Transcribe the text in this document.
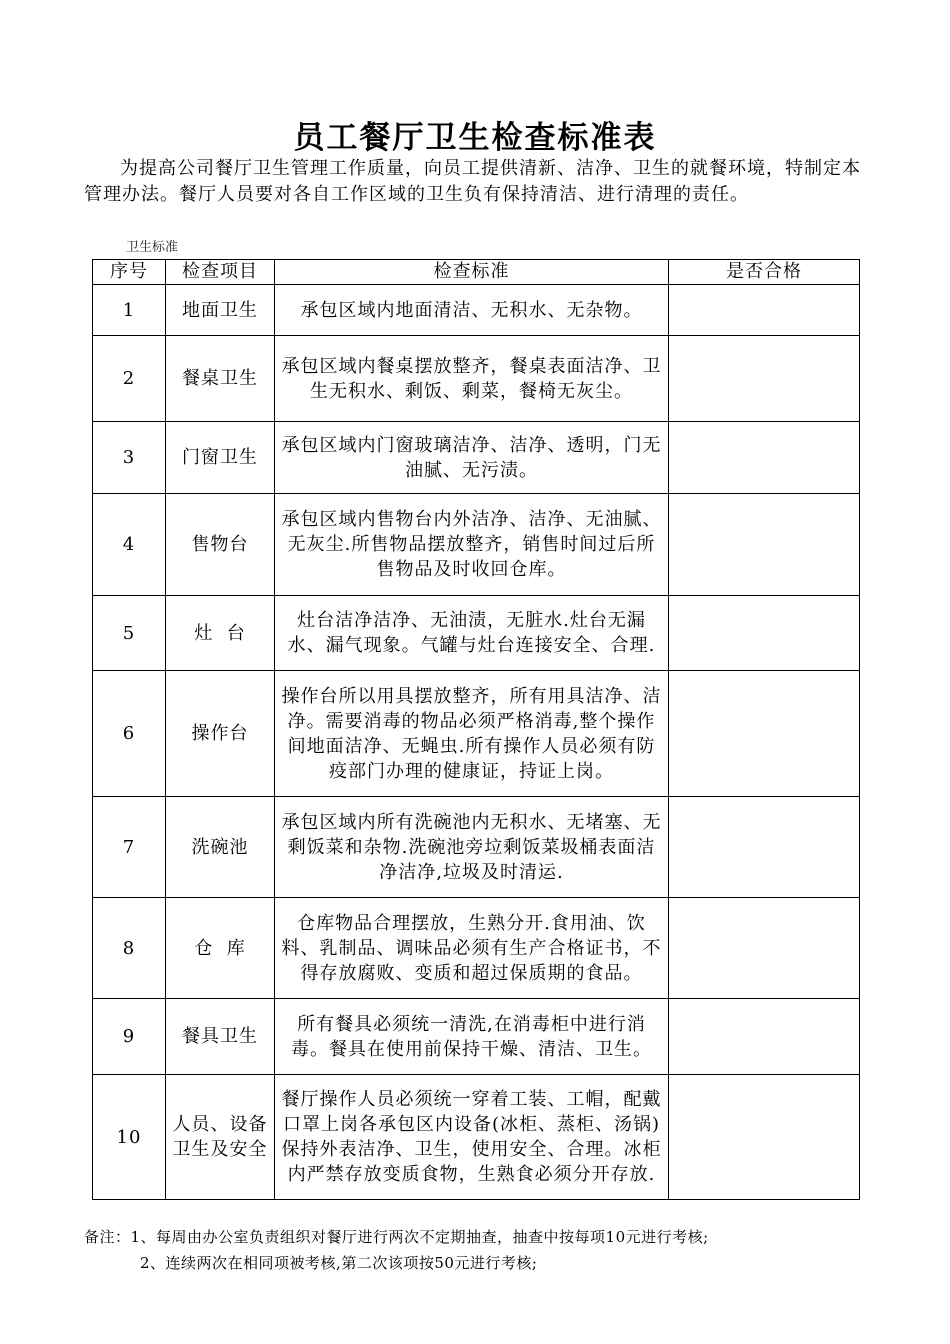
员工餐厅卫生检查标准表
为提高公司餐厅卫生管理工作质量，向员工提供清新、洁净、卫生的就餐环境，特制定本管理办法。餐厅人员要对各自工作区域的卫生负有保持清洁、进行清理的责任。
卫生标准
序号	检查项目	检查标准	是否合格
1	地面卫生	承包区域内地面清洁、无积水、无杂物。	
2	餐桌卫生	承包区域内餐桌摆放整齐，餐桌表面洁净、卫生无积水、剩饭、剩菜，餐椅无灰尘。	
3	门窗卫生	承包区域内门窗玻璃洁净、洁净、透明，门无油腻、无污渍。	
4	售物台	承包区域内售物台内外洁净、洁净、无油腻、无灰尘.所售物品摆放整齐，销售时间过后所售物品及时收回仓库。	
5	灶  台	灶台洁净洁净、无油渍，无脏水.灶台无漏水、漏气现象。气罐与灶台连接安全、合理.	
6	操作台	操作台所以用具摆放整齐，所有用具洁净、洁净。需要消毒的物品必须严格消毒,整个操作间地面洁净、无蝇虫.所有操作人员必须有防疫部门办理的健康证，持证上岗。	
7	洗碗池	承包区域内所有洗碗池内无积水、无堵塞、无剩饭菜和杂物.洗碗池旁垃剩饭菜圾桶表面洁净洁净,垃圾及时清运.	
8	仓  库	仓库物品合理摆放，生熟分开.食用油、饮料、乳制品、调味品必须有生产合格证书，不得存放腐败、变质和超过保质期的食品。	
9	餐具卫生	所有餐具必须统一清洗,在消毒柜中进行消毒。餐具在使用前保持干燥、清洁、卫生。	
10	人员、设备卫生及安全	餐厅操作人员必须统一穿着工装、工帽，配戴口罩上岗各承包区内设备(冰柜、蒸柜、汤锅)保持外表洁净、卫生，使用安全、合理。冰柜内严禁存放变质食物，生熟食必须分开存放.	
备注：1、每周由办公室负责组织对餐厅进行两次不定期抽查，抽查中按每项10元进行考核;
2、连续两次在相同项被考核,第二次该项按50元进行考核;
